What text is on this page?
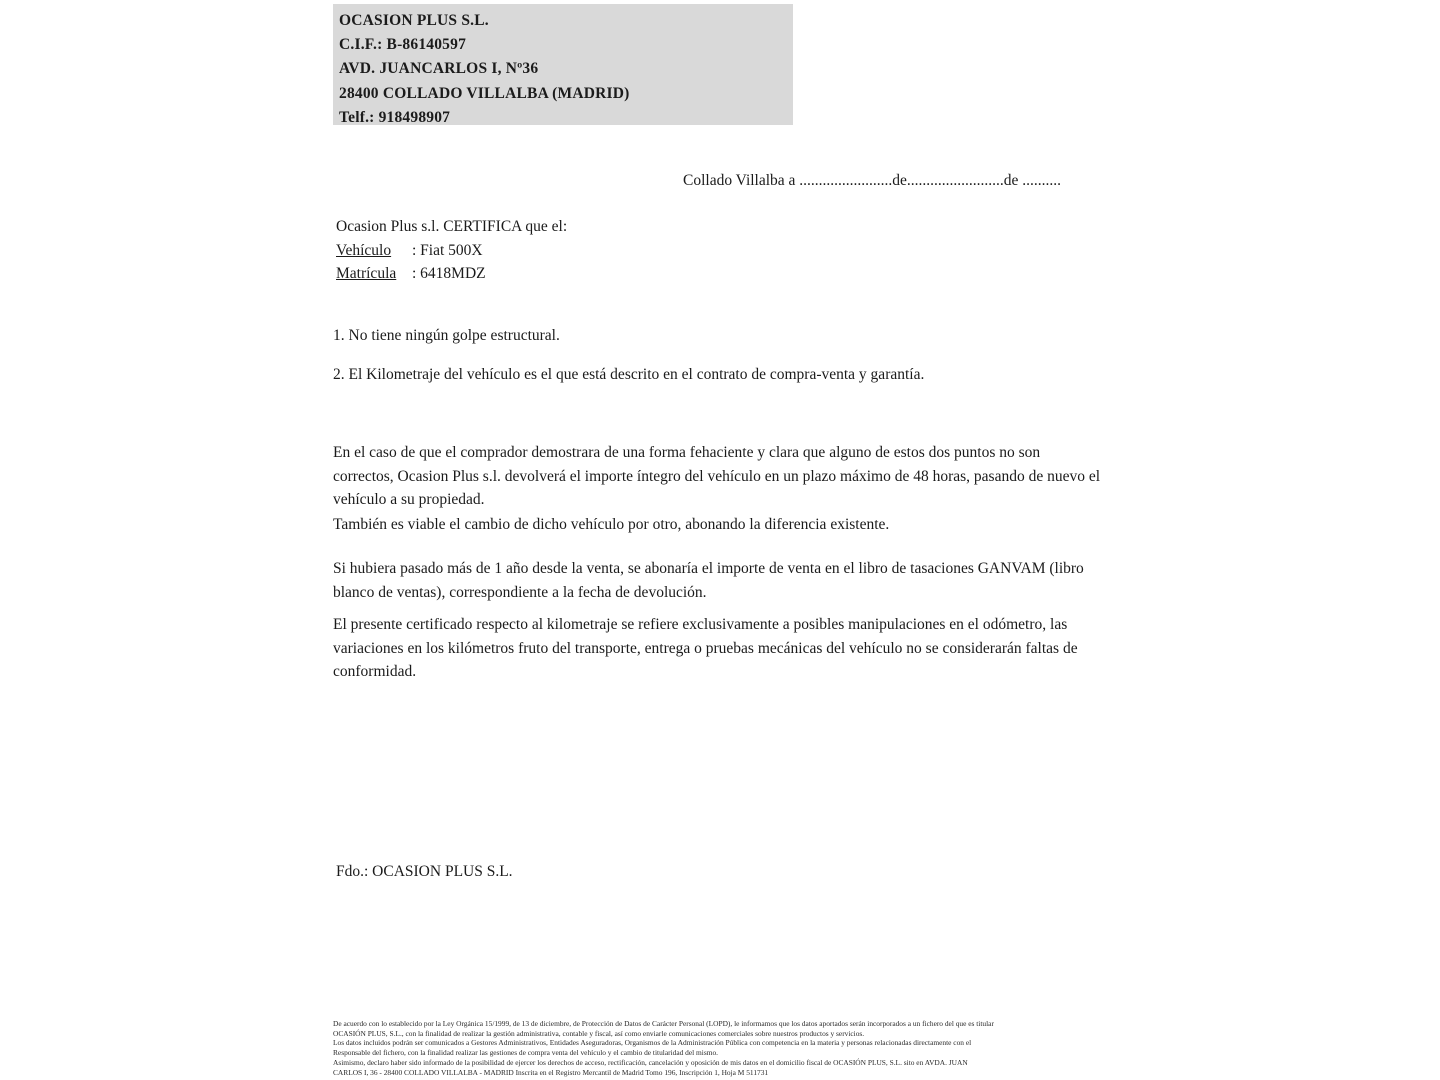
OCASION PLUS S.L.
C.I.F.: B-86140597
AVD. JUANCARLOS I, Nº36
28400 COLLADO VILLALBA (MADRID)
Telf.: 918498907
Collado Villalba a ........................de.........................de ..........
Ocasion Plus s.l. CERTIFICA que el:
Vehículo : Fiat 500X
Matrícula : 6418MDZ
1. No tiene ningún golpe estructural.
2. El Kilometraje del vehículo es el que está descrito en el contrato de compra-venta y garantía.
En el caso de que el comprador demostrara de una forma fehaciente y clara que alguno de estos dos puntos no son correctos, Ocasion Plus s.l. devolverá el importe íntegro del vehículo en un plazo máximo de 48 horas, pasando de nuevo el vehículo a su propiedad.
También es viable el cambio de dicho vehículo por otro, abonando la diferencia existente.
Si hubiera pasado más de 1 año desde la venta, se abonaría el importe de venta en el libro de tasaciones GANVAM (libro blanco de ventas), correspondiente a la fecha de devolución.
El presente certificado respecto al kilometraje se refiere exclusivamente a posibles manipulaciones en el odómetro, las variaciones en los kilómetros fruto del transporte, entrega o pruebas mecánicas del vehículo no se considerarán faltas de conformidad.
Fdo.: OCASION PLUS S.L.
De acuerdo con lo establecido por la Ley Orgánica 15/1999, de 13 de diciembre, de Protección de Datos de Carácter Personal (LOPD), le informamos que los datos aportados serán incorporados a un fichero del que es titular
OCASIÓN PLUS, S.L., con la finalidad de realizar la gestión administrativa, contable y fiscal, así como enviarle comunicaciones comerciales sobre nuestros productos y servicios.
Los datos incluidos podrán ser comunicados a Gestores Administrativos, Entidades Aseguradoras, Organismos de la Administración Pública con competencia en la materia y personas relacionadas directamente con el
Responsable del fichero, con la finalidad realizar las gestiones de compra venta del vehículo y el cambio de titularidad del mismo.
Asimismo, declaro haber sido informado de la posibilidad de ejercer los derechos de acceso, rectificación, cancelación y oposición de mis datos en el domicilio fiscal de OCASIÓN PLUS, S.L. sito en AVDA. JUAN
CARLOS I, 36 - 28400 COLLADO VILLALBA - MADRID Inscrita en el Registro Mercantil de Madrid Tomo 196, Inscripción 1, Hoja M 511731
